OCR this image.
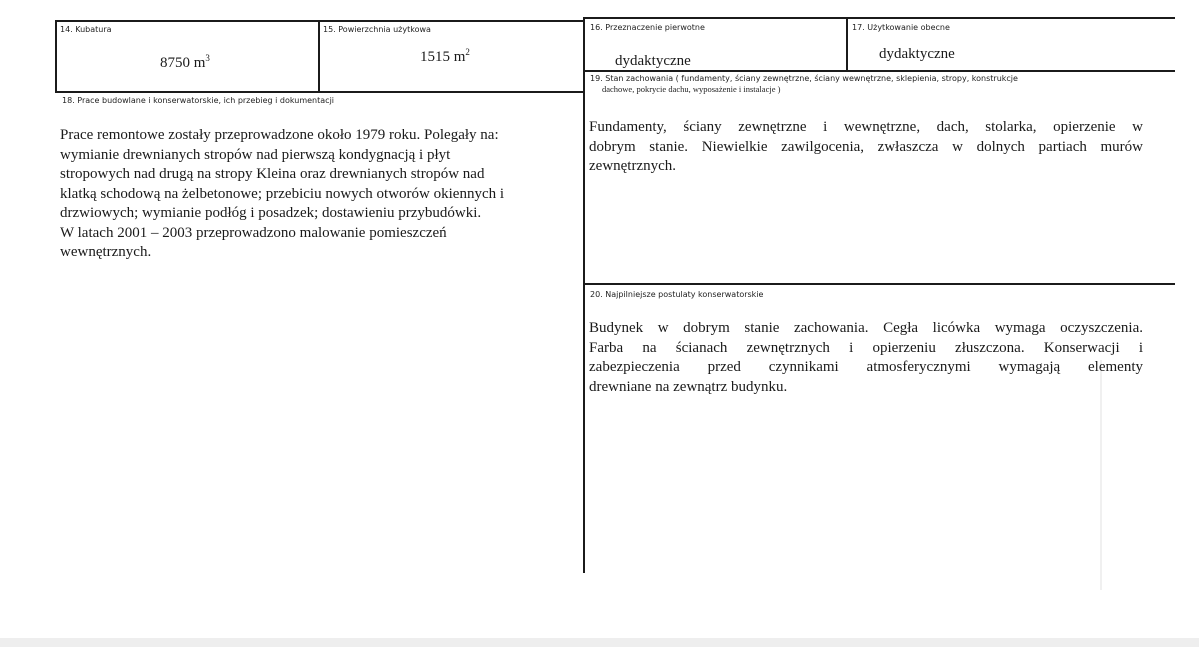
14. Kubatura
8750 $m^3$
15. Powierzchnia użytkowa
1515 $m^2$
16. Przeznaczenie pierwotne
dydaktyczne
17. Użytkowanie obecne
dydaktyczne
18. Prace budowlane i konserwatorskie, ich przebieg i dokumentacji
Prace remontowe zostały przeprowadzone około 1979 roku. Polegały na:
wymianie drewnianych stropów nad pierwszą kondygnacją i płyt
stropowych nad drugą na stropy Kleina oraz drewnianych stropów nad
klatką schodową na żelbetonowe; przebiciu nowych otworów okiennych i
drzwiowych; wymianie podłóg i posadzek; dostawieniu przybudówki.
W latach 2001 – 2003 przeprowadzono malowanie pomieszczeń
wewnętrznych.
19. Stan zachowania ( fundamenty, ściany zewnętrzne, ściany wewnętrzne, sklepienia, stropy, konstrukcje
dachowe, pokrycie dachu, wyposażenie i instalacje )
Fundamenty, ściany zewnętrzne i wewnętrzne, dach, stolarka, opierzenie w
dobrym stanie. Niewielkie zawilgocenia, zwłaszcza w dolnych partiach murów
zewnętrznych.
20. Najpilniejsze postulaty konserwatorskie
Budynek w dobrym stanie zachowania. Cegła licówka wymaga oczyszczenia.
Farba na ścianach zewnętrznych i opierzeniu złuszczona. Konserwacji i
zabezpieczenia przed czynnikami atmosferycznymi wymagają elementy
drewniane na zewnątrz budynku.
